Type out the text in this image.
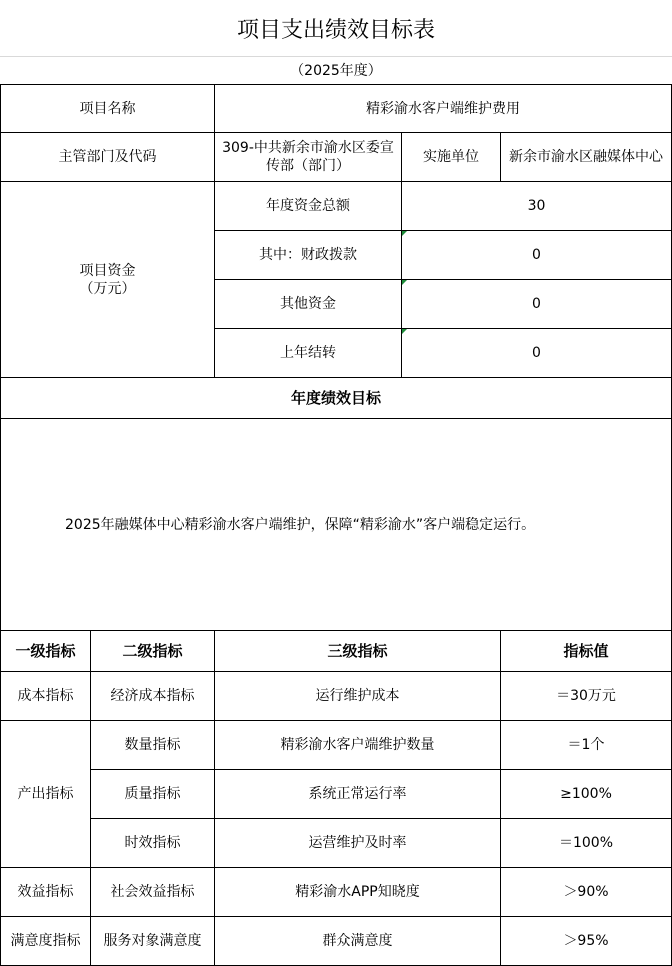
项目支出绩效目标表
（2025年度）
项目名称		精彩渝水客户端维护费用		
主管部门及代码		309-中共新余市渝水区委宣传部（部门）	实施单位	新余市渝水区融媒体中心
项目资金
（万元）		年度资金总额	30	
		其中：财政拨款	0	
		其他资金	0	
		上年结转	0	
年度绩效目标				
2025年融媒体中心精彩渝水客户端维护，保障“精彩渝水”客户端稳定运行。				
一级指标	二级指标	三级指标		指标值
成本指标	经济成本指标	运行维护成本		＝30万元
产出指标	数量指标	精彩渝水客户端维护数量		＝1个
	质量指标	系统正常运行率		≥100%
	时效指标	运营维护及时率		＝100%
效益指标	社会效益指标	精彩渝水APP知晓度		＞90%
满意度指标	服务对象满意度	群众满意度		＞95%
